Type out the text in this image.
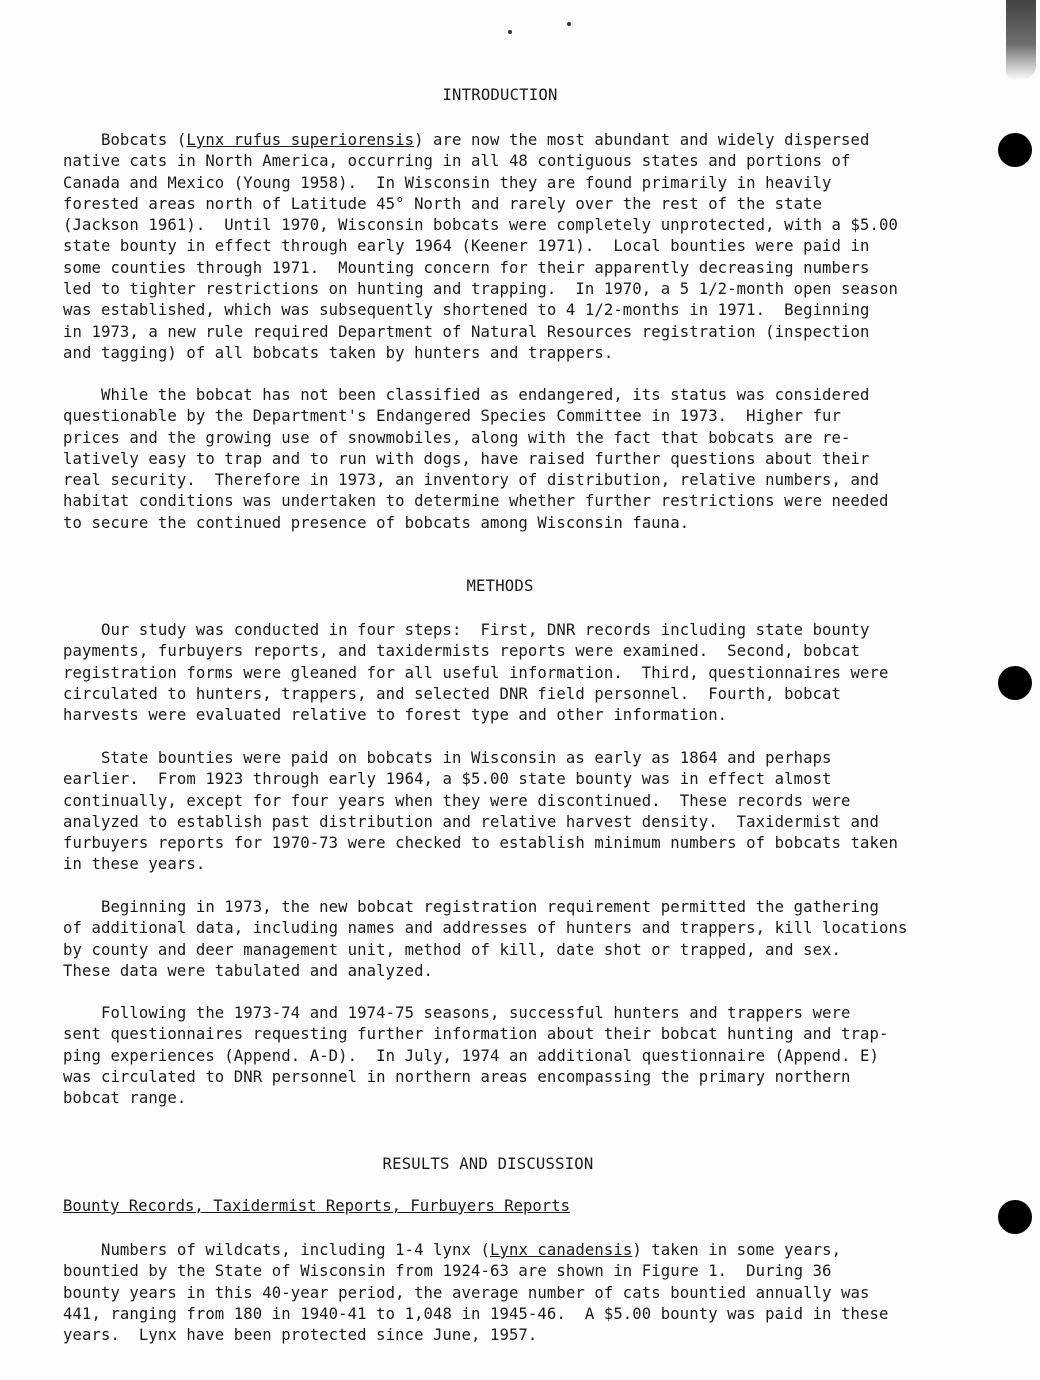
INTRODUCTION

Bobcats (Lynx rufus superiorensis) are now the most abundant and widely dispersed
native cats in North America, occurring in all 48 contiguous states and portions of
Canada and Mexico (Young 1958).  In Wisconsin they are found primarily in heavily
forested areas north of Latitude 45° North and rarely over the rest of the state
(Jackson 1961).  Until 1970, Wisconsin bobcats were completely unprotected, with a $5.00
state bounty in effect through early 1964 (Keener 1971).  Local bounties were paid in
some counties through 1971.  Mounting concern for their apparently decreasing numbers
led to tighter restrictions on hunting and trapping.  In 1970, a 5 1/2-month open season
was established, which was subsequently shortened to 4 1/2-months in 1971.  Beginning
in 1973, a new rule required Department of Natural Resources registration (inspection
and tagging) of all bobcats taken by hunters and trappers.

While the bobcat has not been classified as endangered, its status was considered
questionable by the Department's Endangered Species Committee in 1973.  Higher fur
prices and the growing use of snowmobiles, along with the fact that bobcats are re-
latively easy to trap and to run with dogs, have raised further questions about their
real security.  Therefore in 1973, an inventory of distribution, relative numbers, and
habitat conditions was undertaken to determine whether further restrictions were needed
to secure the continued presence of bobcats among Wisconsin fauna.

METHODS

Our study was conducted in four steps:  First, DNR records including state bounty
payments, furbuyers reports, and taxidermists reports were examined.  Second, bobcat
registration forms were gleaned for all useful information.  Third, questionnaires were
circulated to hunters, trappers, and selected DNR field personnel.  Fourth, bobcat
harvests were evaluated relative to forest type and other information.

State bounties were paid on bobcats in Wisconsin as early as 1864 and perhaps
earlier.  From 1923 through early 1964, a $5.00 state bounty was in effect almost
continually, except for four years when they were discontinued.  These records were
analyzed to establish past distribution and relative harvest density.  Taxidermist and
furbuyers reports for 1970-73 were checked to establish minimum numbers of bobcats taken
in these years.

Beginning in 1973, the new bobcat registration requirement permitted the gathering
of additional data, including names and addresses of hunters and trappers, kill locations
by county and deer management unit, method of kill, date shot or trapped, and sex.
These data were tabulated and analyzed.

Following the 1973-74 and 1974-75 seasons, successful hunters and trappers were
sent questionnaires requesting further information about their bobcat hunting and trap-
ping experiences (Append. A-D).  In July, 1974 an additional questionnaire (Append. E)
was circulated to DNR personnel in northern areas encompassing the primary northern
bobcat range.

RESULTS AND DISCUSSION
Bounty Records, Taxidermist Reports, Furbuyers Reports

Numbers of wildcats, including 1-4 lynx (Lynx canadensis) taken in some years,
bountied by the State of Wisconsin from 1924-63 are shown in Figure 1.  During 36
bounty years in this 40-year period, the average number of cats bountied annually was
441, ranging from 180 in 1940-41 to 1,048 in 1945-46.  A $5.00 bounty was paid in these
years.  Lynx have been protected since June, 1957.
